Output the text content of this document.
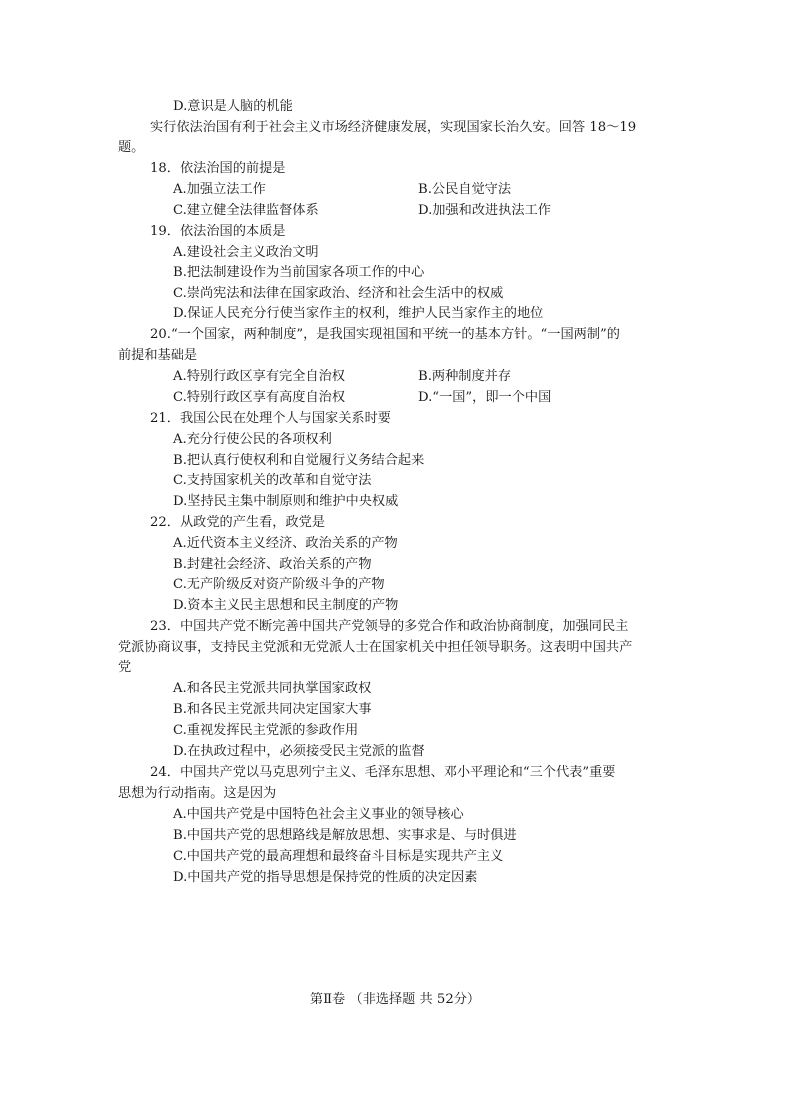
D.意识是人脑的机能
实行依法治国有利于社会主义市场经济健康发展，实现国家长治久安。回答 18～19
题。
18．依法治国的前提是
A.加强立法工作	B.公民自觉守法
C.建立健全法律监督体系	D.加强和改进执法工作
19．依法治国的本质是
A.建设社会主义政治文明
B.把法制建设作为当前国家各项工作的中心
C.崇尚宪法和法律在国家政治、经济和社会生活中的权威
D.保证人民充分行使当家作主的权利，维护人民当家作主的地位
20.“一个国家，两种制度”，是我国实现祖国和平统一的基本方针。“一国两制”的
前提和基础是
A.特别行政区享有完全自治权	B.两种制度并存
C.特别行政区享有高度自治权	D.“一国”，即一个中国
21．我国公民在处理个人与国家关系时要
A.充分行使公民的各项权利
B.把认真行使权利和自觉履行义务结合起来
C.支持国家机关的改革和自觉守法
D.坚持民主集中制原则和维护中央权威
22．从政党的产生看，政党是
A.近代资本主义经济、政治关系的产物
B.封建社会经济、政治关系的产物
C.无产阶级反对资产阶级斗争的产物
D.资本主义民主思想和民主制度的产物
23．中国共产党不断完善中国共产党领导的多党合作和政治协商制度，加强同民主
党派协商议事，支持民主党派和无党派人士在国家机关中担任领导职务。这表明中国共产
党
A.和各民主党派共同执掌国家政权
B.和各民主党派共同决定国家大事
C.重视发挥民主党派的参政作用
D.在执政过程中，必须接受民主党派的监督
24．中国共产党以马克思列宁主义、毛泽东思想、邓小平理论和“三个代表”重要
思想为行动指南。这是因为
A.中国共产党是中国特色社会主义事业的领导核心
B.中国共产党的思想路线是解放思想、实事求是、与时俱进
C.中国共产党的最高理想和最终奋斗目标是实现共产主义
D.中国共产党的指导思想是保持党的性质的决定因素
第Ⅱ卷 （非选择题 共 52分）
